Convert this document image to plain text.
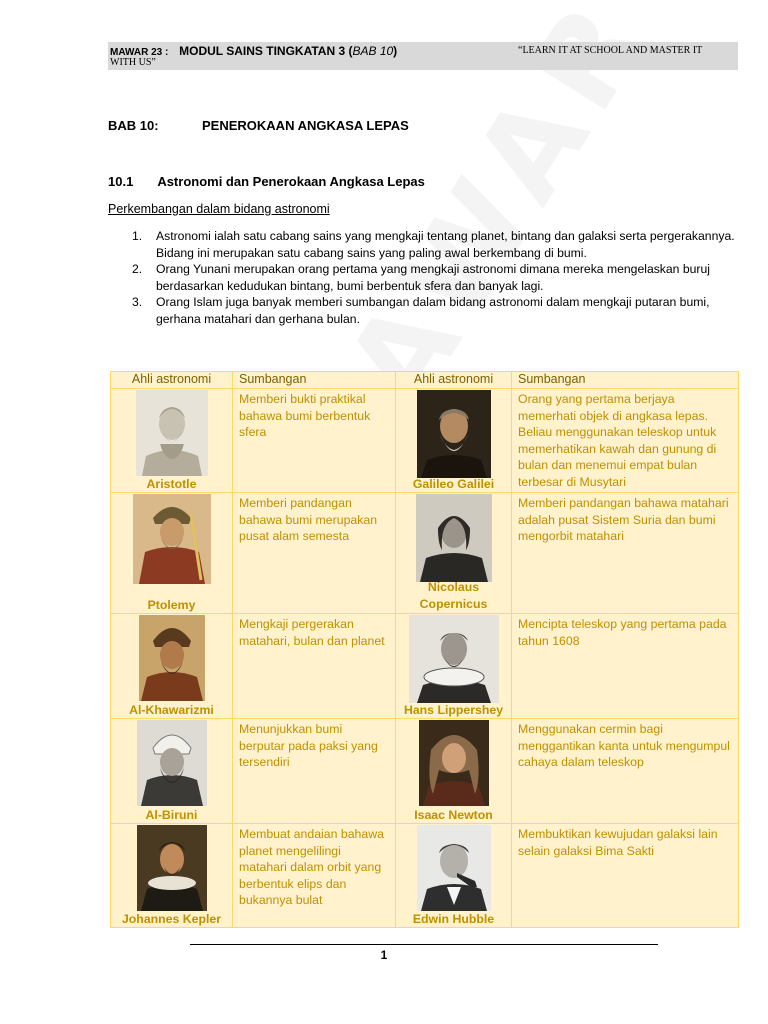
MAWAR 23 : MODUL SAINS TINGKATAN 3 (BAB 10)	“LEARN IT AT SCHOOL AND MASTER IT
WITH US”
BAB 10:	PENEROKAAN ANGKASA LEPAS
10.1 Astronomi dan Penerokaan Angkasa Lepas
Perkembangan dalam bidang astronomi
1. Astronomi ialah satu cabang sains yang mengkaji tentang planet, bintang dan galaksi serta pergerakannya. Bidang ini merupakan satu cabang sains yang paling awal berkembang di bumi.
2. Orang Yunani merupakan orang pertama yang mengkaji astronomi dimana mereka mengelaskan buruj berdasarkan kedudukan bintang, bumi berbentuk sfera dan banyak lagi.
3. Orang Islam juga banyak memberi sumbangan dalam bidang astronomi dalam mengkaji putaran bumi, gerhana matahari dan gerhana bulan.
Ahli astronomi	Sumbangan	Ahli astronomi	Sumbangan

Aristotle	Memberi bukti praktikal bahawa bumi berbentuk sfera	Galileo Galilei	Orang yang pertama berjaya memerhati objek di angkasa lepas. Beliau menggunakan teleskop untuk memerhatikan kawah dan gunung di bulan dan menemui empat bulan terbesar di Musytari

Ptolemy	Memberi pandangan bahawa bumi merupakan pusat alam semesta	Nicolaus Copernicus	Memberi pandangan bahawa matahari adalah pusat Sistem Suria dan bumi mengorbit matahari

Al-Khawarizmi	Mengkaji pergerakan matahari, bulan dan planet	Hans Lippershey	Mencipta teleskop yang pertama pada tahun 1608

Al-Biruni	Menunjukkan bumi berputar pada paksi yang tersendiri	Isaac Newton	Menggunakan cermin bagi menggantikan kanta untuk mengumpul cahaya dalam teleskop

Johannes Kepler	Membuat andaian bahawa planet mengelilingi matahari dalam orbit yang berbentuk elips dan bukannya bulat	Edwin Hubble	Membuktikan kewujudan galaksi lain selain galaksi Bima Sakti
1
